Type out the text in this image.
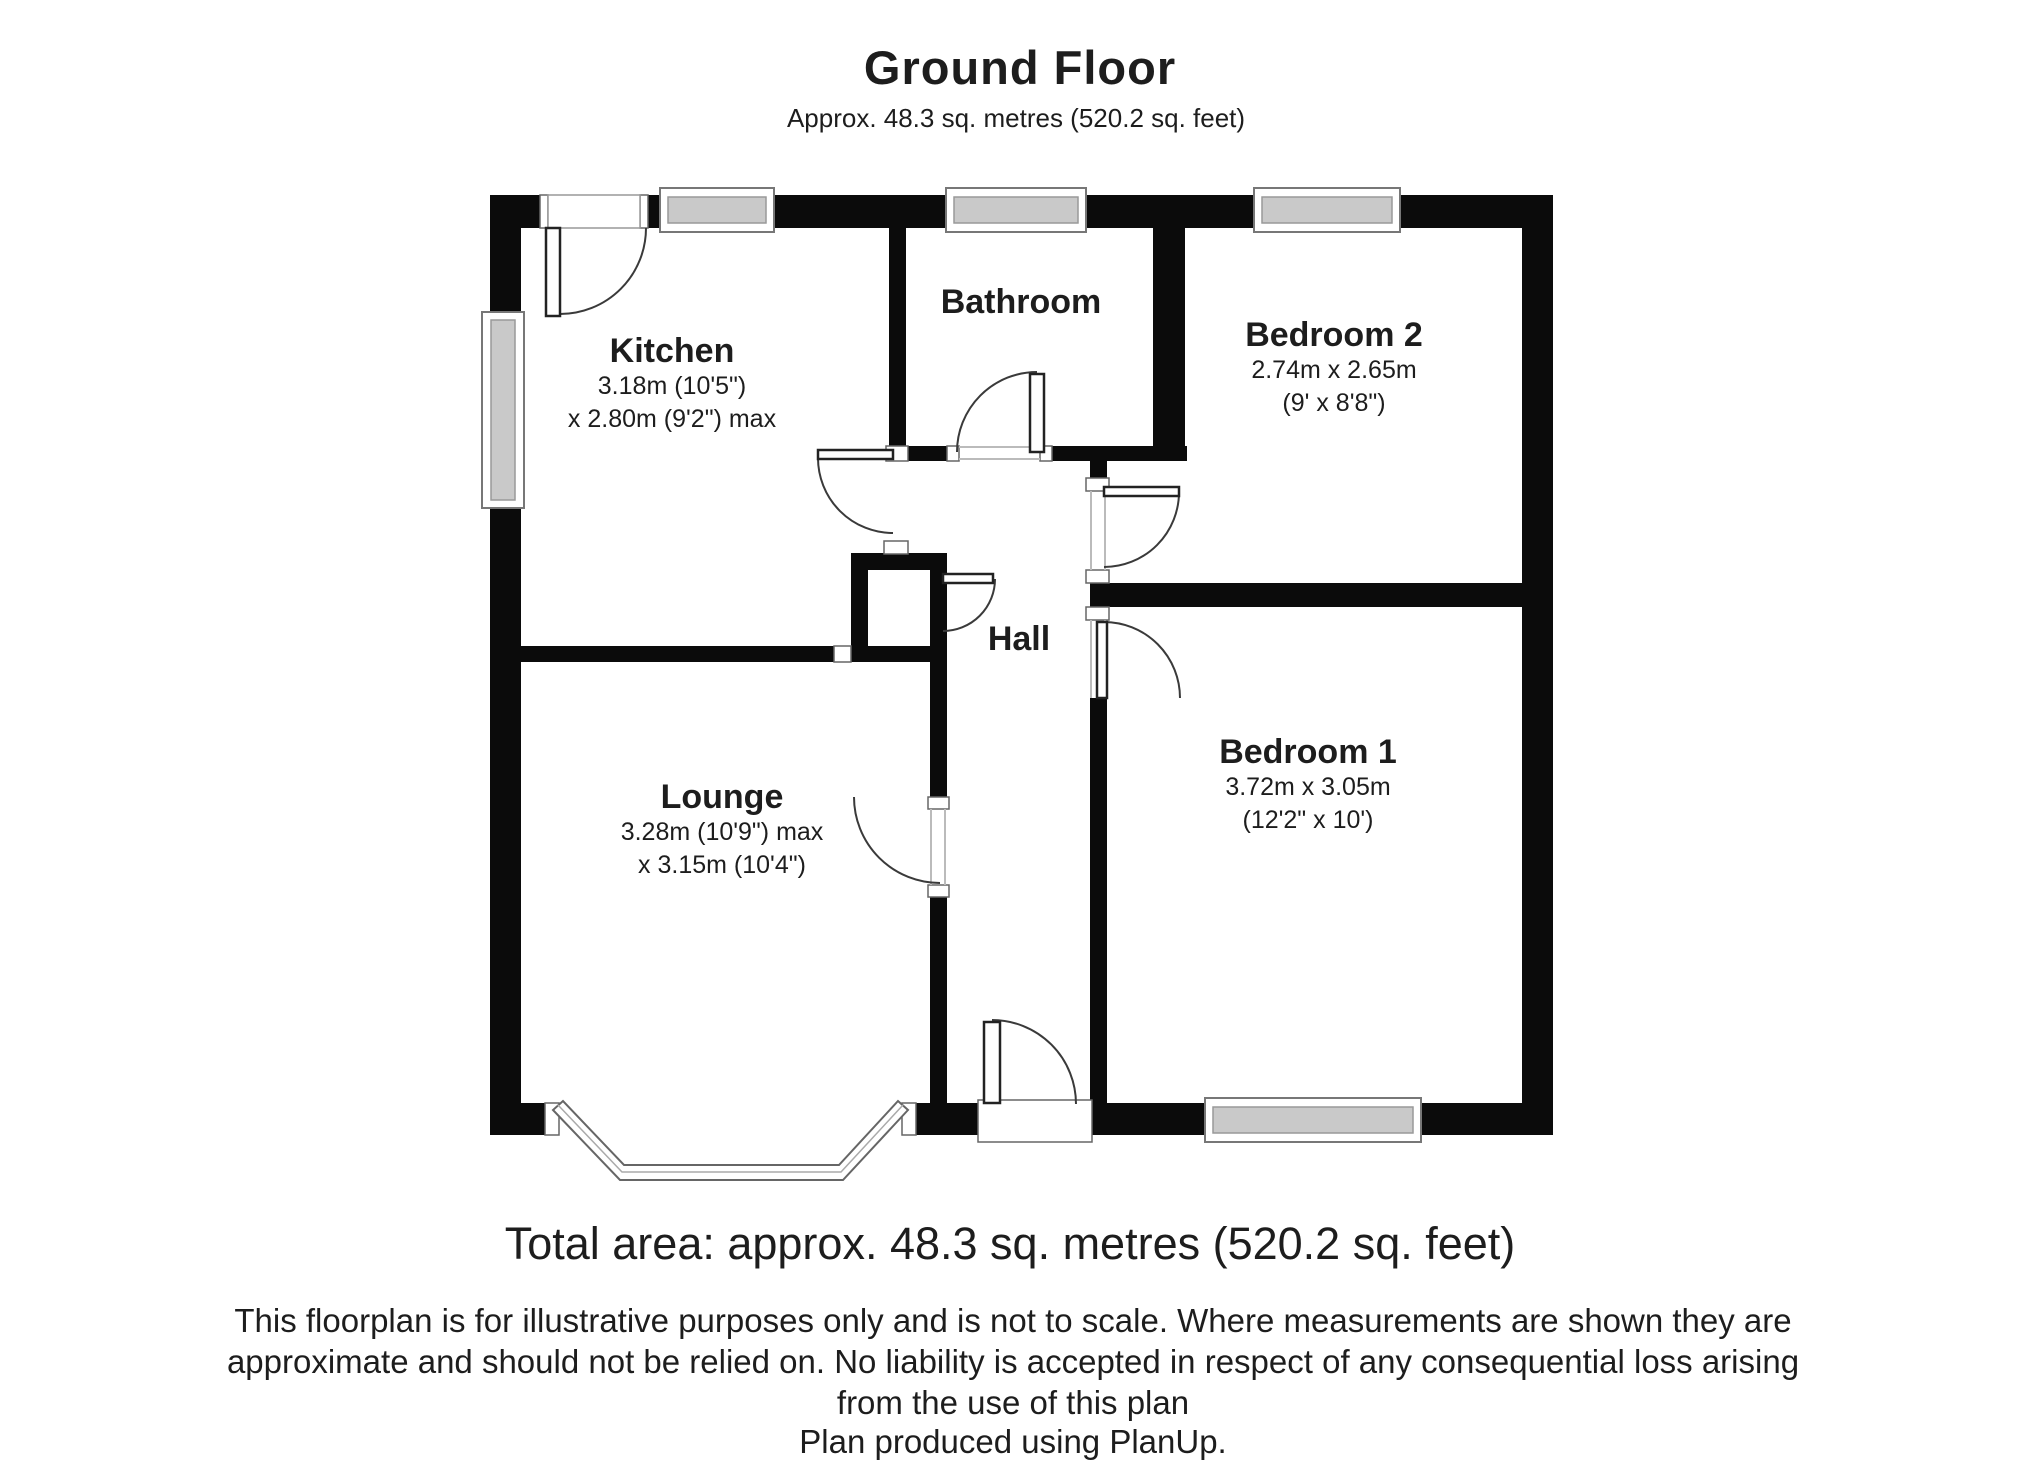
Ground Floor
Approx. 48.3 sq. metres (520.2 sq. feet)
Kitchen
3.18m (10'5")
x 2.80m (9'2") max
Bathroom
Bedroom 2
2.74m x 2.65m
(9' x 8'8")
Hall
Lounge
3.28m (10'9") max
x 3.15m (10'4")
Bedroom 1
3.72m x 3.05m
(12'2" x 10')
Total area: approx. 48.3 sq. metres (520.2 sq. feet)
This floorplan is for illustrative purposes only and is not to scale. Where measurements are shown they are
approximate and should not be relied on. No liability is accepted in respect of any consequential loss arising
from the use of this plan
Plan produced using PlanUp.
